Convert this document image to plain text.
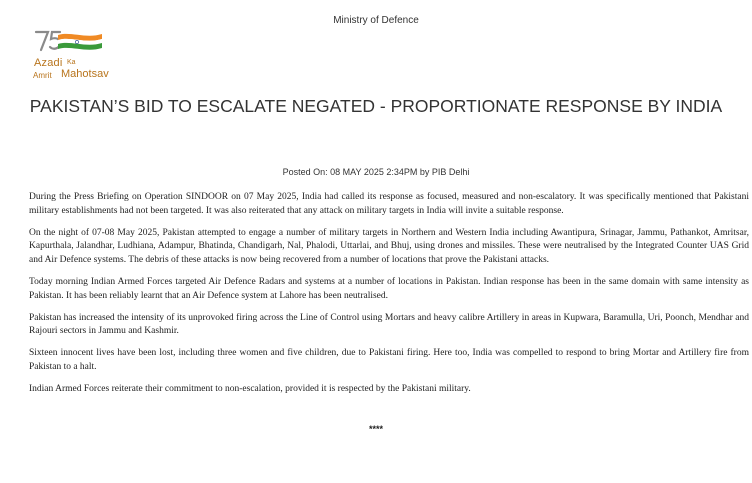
Ministry of Defence
Azadi Ka
Amrit Mahotsav
PAKISTAN’S BID TO ESCALATE NEGATED - PROPORTIONATE RESPONSE BY INDIA
Posted On: 08 MAY 2025 2:34PM by PIB Delhi

During the Press Briefing on Operation SINDOOR on 07 May 2025, India had called its response as focused, measured and non-escalatory. It was specifically mentioned that Pakistani military establishments had not been targeted. It was also reiterated that any attack on military targets in India will invite a suitable response.

On the night of 07-08 May 2025, Pakistan attempted to engage a number of military targets in Northern and Western India including Awantipura, Srinagar, Jammu, Pathankot, Amritsar, Kapurthala, Jalandhar, Ludhiana, Adampur, Bhatinda, Chandigarh, Nal, Phalodi, Uttarlai, and Bhuj, using drones and missiles. These were neutralised by the Integrated Counter UAS Grid and Air Defence systems. The debris of these attacks is now being recovered from a number of locations that prove the Pakistani attacks.

Today morning Indian Armed Forces targeted Air Defence Radars and systems at a number of locations in Pakistan. Indian response has been in the same domain with same intensity as Pakistan. It has been reliably learnt that an Air Defence system at Lahore has been neutralised.

Pakistan has increased the intensity of its unprovoked firing across the Line of Control using Mortars and heavy calibre Artillery in areas in Kupwara, Baramulla, Uri, Poonch, Mendhar and Rajouri sectors in Jammu and Kashmir.

Sixteen innocent lives have been lost, including three women and five children, due to Pakistani firing. Here too, India was compelled to respond to bring Mortar and Artillery fire from Pakistan to a halt.

Indian Armed Forces reiterate their commitment to non-escalation, provided it is respected by the Pakistani military.

****
